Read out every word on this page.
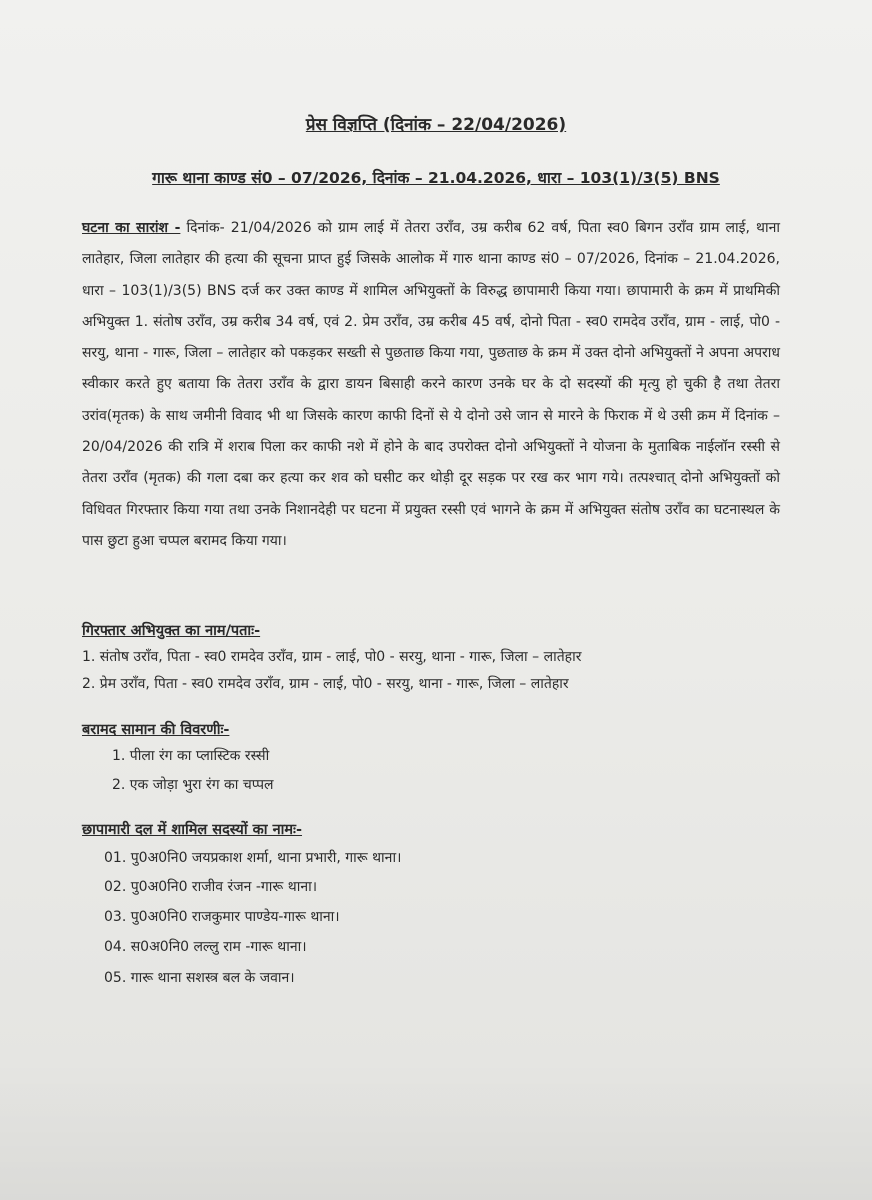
प्रेस विज्ञप्ति (दिनांक – 22/04/2026)
गारू थाना काण्ड सं0 – 07/2026, दिनांक – 21.04.2026, धारा – 103(1)/3(5) BNS
घटना का सारांश - दिनांक- 21/04/2026 को ग्राम लाई में तेतरा उराँव, उम्र करीब 62 वर्ष, पिता स्व0 बिगन उराँव ग्राम लाई, थाना लातेहार, जिला लातेहार की हत्या की सूचना प्राप्त हुई जिसके आलोक में गारु थाना काण्ड सं0 – 07/2026, दिनांक – 21.04.2026, धारा – 103(1)/3(5) BNS दर्ज कर उक्त काण्ड में शामिल अभियुक्तों के विरुद्ध छापामारी किया गया। छापामारी के क्रम में प्राथमिकी अभियुक्त 1. संतोष उराँव, उम्र करीब 34 वर्ष, एवं 2. प्रेम उराँव, उम्र करीब 45 वर्ष, दोनो पिता - स्व0 रामदेव उराँव, ग्राम - लाई, पो0 - सरयु, थाना - गारू, जिला – लातेहार को पकड़कर सख्ती से पुछताछ किया गया, पुछताछ के क्रम में उक्त दोनो अभियुक्तों ने अपना अपराध स्वीकार करते हुए बताया कि तेतरा उराँव के द्वारा डायन बिसाही करने कारण उनके घर के दो सदस्यों की मृत्यु हो चुकी है तथा तेतरा उरांव(मृतक) के साथ जमीनी विवाद भी था जिसके कारण काफी दिनों से ये दोनो उसे जान से मारने के फिराक में थे उसी क्रम में दिनांक – 20/04/2026 की रात्रि में शराब पिला कर काफी नशे में होने के बाद उपरोक्त दोनो अभियुक्तों ने योजना के मुताबिक नाईलॉन रस्सी से तेतरा उराँव (मृतक) की गला दबा कर हत्या कर शव को घसीट कर थोड़ी दूर सड़क पर रख कर भाग गये। तत्पश्चात् दोनो अभियुक्तों को विधिवत गिरफ्तार किया गया तथा उनके निशानदेही पर घटना में प्रयुक्त रस्सी एवं भागने के क्रम में अभियुक्त संतोष उराँव का घटनास्थल के पास छुटा हुआ चप्पल बरामद किया गया।
गिरफ्तार अभियुक्त का नाम/पताः-
1. संतोष उराँव, पिता - स्व0 रामदेव उराँव, ग्राम - लाई, पो0 - सरयु, थाना - गारू, जिला – लातेहार
2. प्रेम उराँव, पिता - स्व0 रामदेव उराँव, ग्राम - लाई, पो0 - सरयु, थाना - गारू, जिला – लातेहार
बरामद सामान की विवरणीः-
1. पीला रंग का प्लास्टिक रस्सी
2. एक जोड़ा भुरा रंग का चप्पल
छापामारी दल में शामिल सदस्यों का नामः-
01. पु0अ0नि0 जयप्रकाश शर्मा, थाना प्रभारी, गारू थाना।
02. पु0अ0नि0 राजीव रंजन -गारू थाना।
03. पु0अ0नि0 राजकुमार पाण्डेय-गारू थाना।
04. स0अ0नि0 लल्लु राम -गारू थाना।
05. गारू थाना सशस्त्र बल के जवान।
